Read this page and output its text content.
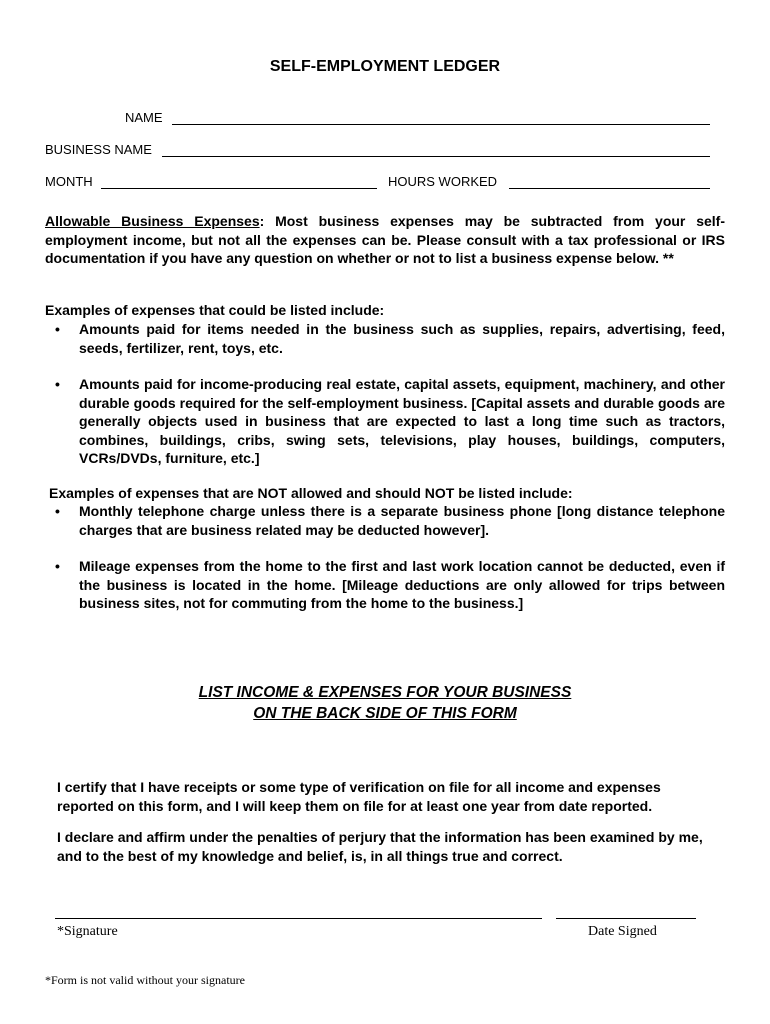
SELF-EMPLOYMENT LEDGER
NAME
BUSINESS NAME
MONTH	HOURS WORKED
Allowable Business Expenses: Most business expenses may be subtracted from your self-employment income, but not all the expenses can be. Please consult with a tax professional or IRS documentation if you have any question on whether or not to list a business expense below. **
Examples of expenses that could be listed include:
• Amounts paid for items needed in the business such as supplies, repairs, advertising, feed, seeds, fertilizer, rent, toys, etc.
• Amounts paid for income-producing real estate, capital assets, equipment, machinery, and other durable goods required for the self-employment business. [Capital assets and durable goods are generally objects used in business that are expected to last a long time such as tractors, combines, buildings, cribs, swing sets, televisions, play houses, buildings, computers, VCRs/DVDs, furniture, etc.]
Examples of expenses that are NOT allowed and should NOT be listed include:
• Monthly telephone charge unless there is a separate business phone [long distance telephone charges that are business related may be deducted however].
• Mileage expenses from the home to the first and last work location cannot be deducted, even if the business is located in the home. [Mileage deductions are only allowed for trips between business sites, not for commuting from the home to the business.]
LIST INCOME & EXPENSES FOR YOUR BUSINESS
ON THE BACK SIDE OF THIS FORM
I certify that I have receipts or some type of verification on file for all income and expenses reported on this form, and I will keep them on file for at least one year from date reported.
I declare and affirm under the penalties of perjury that the information has been examined by me, and to the best of my knowledge and belief, is, in all things true and correct.
*Signature	Date Signed
*Form is not valid without your signature
